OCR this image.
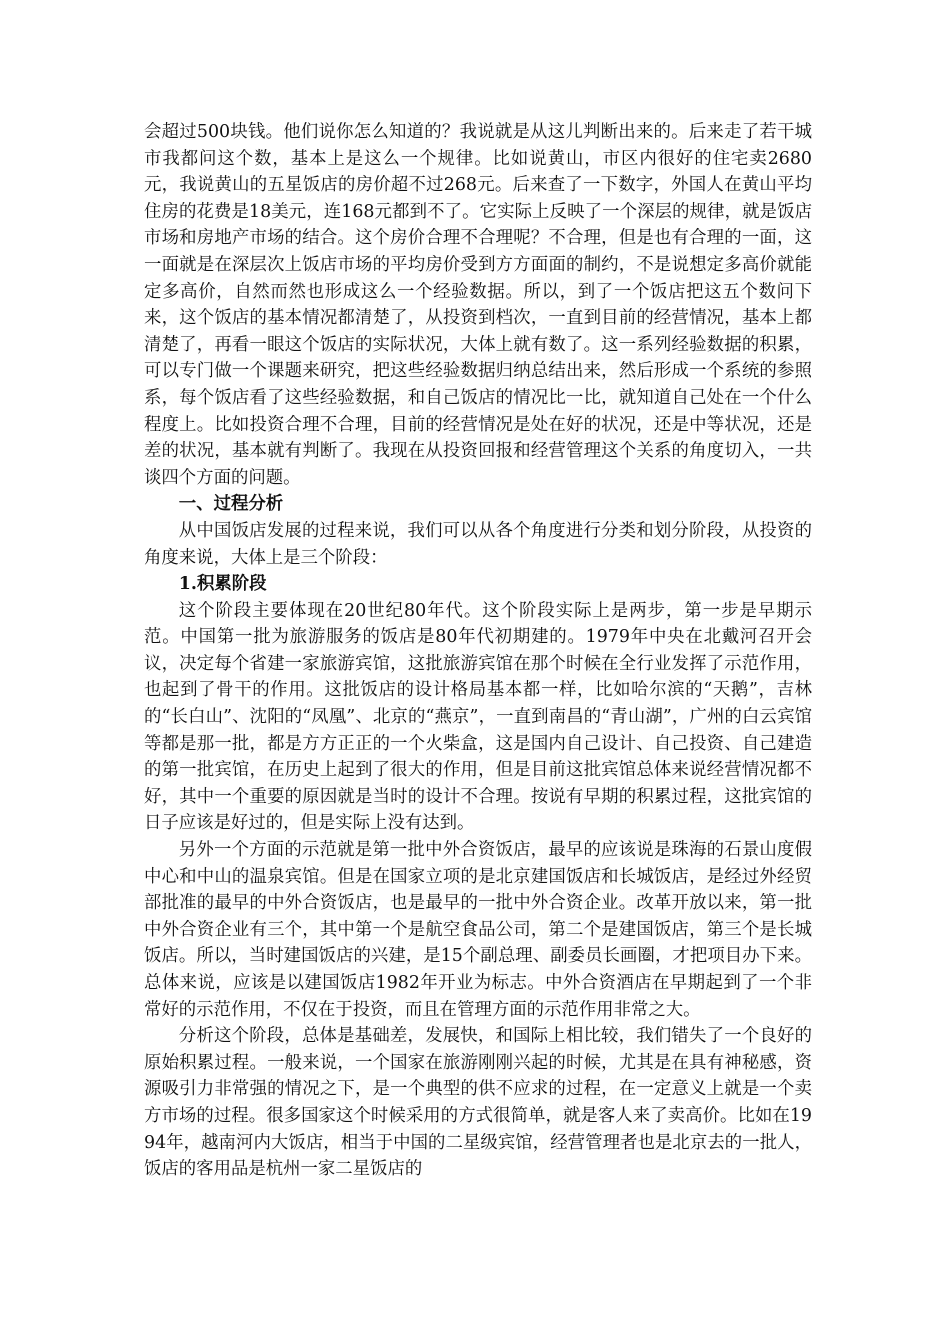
会超过500块钱。他们说你怎么知道的？我说就是从这儿判断出来的。后来走了若干城市我都问这个数，基本上是这么一个规律。比如说黄山，市区内很好的住宅卖2680元，我说黄山的五星饭店的房价超不过268元。后来查了一下数字，外国人在黄山平均住房的花费是18美元，连168元都到不了。它实际上反映了一个深层的规律，就是饭店市场和房地产市场的结合。这个房价合理不合理呢？不合理，但是也有合理的一面，这一面就是在深层次上饭店市场的平均房价受到方方面面的制约，不是说想定多高价就能定多高价，自然而然也形成这么一个经验数据。所以，到了一个饭店把这五个数问下来，这个饭店的基本情况都清楚了，从投资到档次，一直到目前的经营情况，基本上都清楚了，再看一眼这个饭店的实际状况，大体上就有数了。这一系列经验数据的积累，可以专门做一个课题来研究，把这些经验数据归纳总结出来，然后形成一个系统的参照系，每个饭店看了这些经验数据，和自己饭店的情况比一比，就知道自己处在一个什么程度上。比如投资合理不合理，目前的经营情况是处在好的状况，还是中等状况，还是差的状况，基本就有判断了。我现在从投资回报和经营管理这个关系的角度切入，一共谈四个方面的问题。

一、过程分析

从中国饭店发展的过程来说，我们可以从各个角度进行分类和划分阶段，从投资的角度来说，大体上是三个阶段：

1.积累阶段

这个阶段主要体现在20世纪80年代。这个阶段实际上是两步，第一步是早期示范。中国第一批为旅游服务的饭店是80年代初期建的。1979年中央在北戴河召开会议，决定每个省建一家旅游宾馆，这批旅游宾馆在那个时候在全行业发挥了示范作用，也起到了骨干的作用。这批饭店的设计格局基本都一样，比如哈尔滨的“天鹅”，吉林的“长白山”、沈阳的“凤凰”、北京的“燕京”，一直到南昌的“青山湖”，广州的白云宾馆等都是那一批，都是方方正正的一个火柴盒，这是国内自己设计、自己投资、自己建造的第一批宾馆，在历史上起到了很大的作用，但是目前这批宾馆总体来说经营情况都不好，其中一个重要的原因就是当时的设计不合理。按说有早期的积累过程，这批宾馆的日子应该是好过的，但是实际上没有达到。

另外一个方面的示范就是第一批中外合资饭店，最早的应该说是珠海的石景山度假中心和中山的温泉宾馆。但是在国家立项的是北京建国饭店和长城饭店，是经过外经贸部批准的最早的中外合资饭店，也是最早的一批中外合资企业。改革开放以来，第一批中外合资企业有三个，其中第一个是航空食品公司，第二个是建国饭店，第三个是长城饭店。所以，当时建国饭店的兴建，是15个副总理、副委员长画圈，才把项目办下来。总体来说，应该是以建国饭店1982年开业为标志。中外合资酒店在早期起到了一个非常好的示范作用，不仅在于投资，而且在管理方面的示范作用非常之大。

分析这个阶段，总体是基础差，发展快，和国际上相比较，我们错失了一个良好的原始积累过程。一般来说，一个国家在旅游刚刚兴起的时候，尤其是在具有神秘感，资源吸引力非常强的情况之下，是一个典型的供不应求的过程，在一定意义上就是一个卖方市场的过程。很多国家这个时候采用的方式很简单，就是客人来了卖高价。比如在1994年，越南河内大饭店，相当于中国的二星级宾馆，经营管理者也是北京去的一批人，饭店的客用品是杭州一家二星饭店的
